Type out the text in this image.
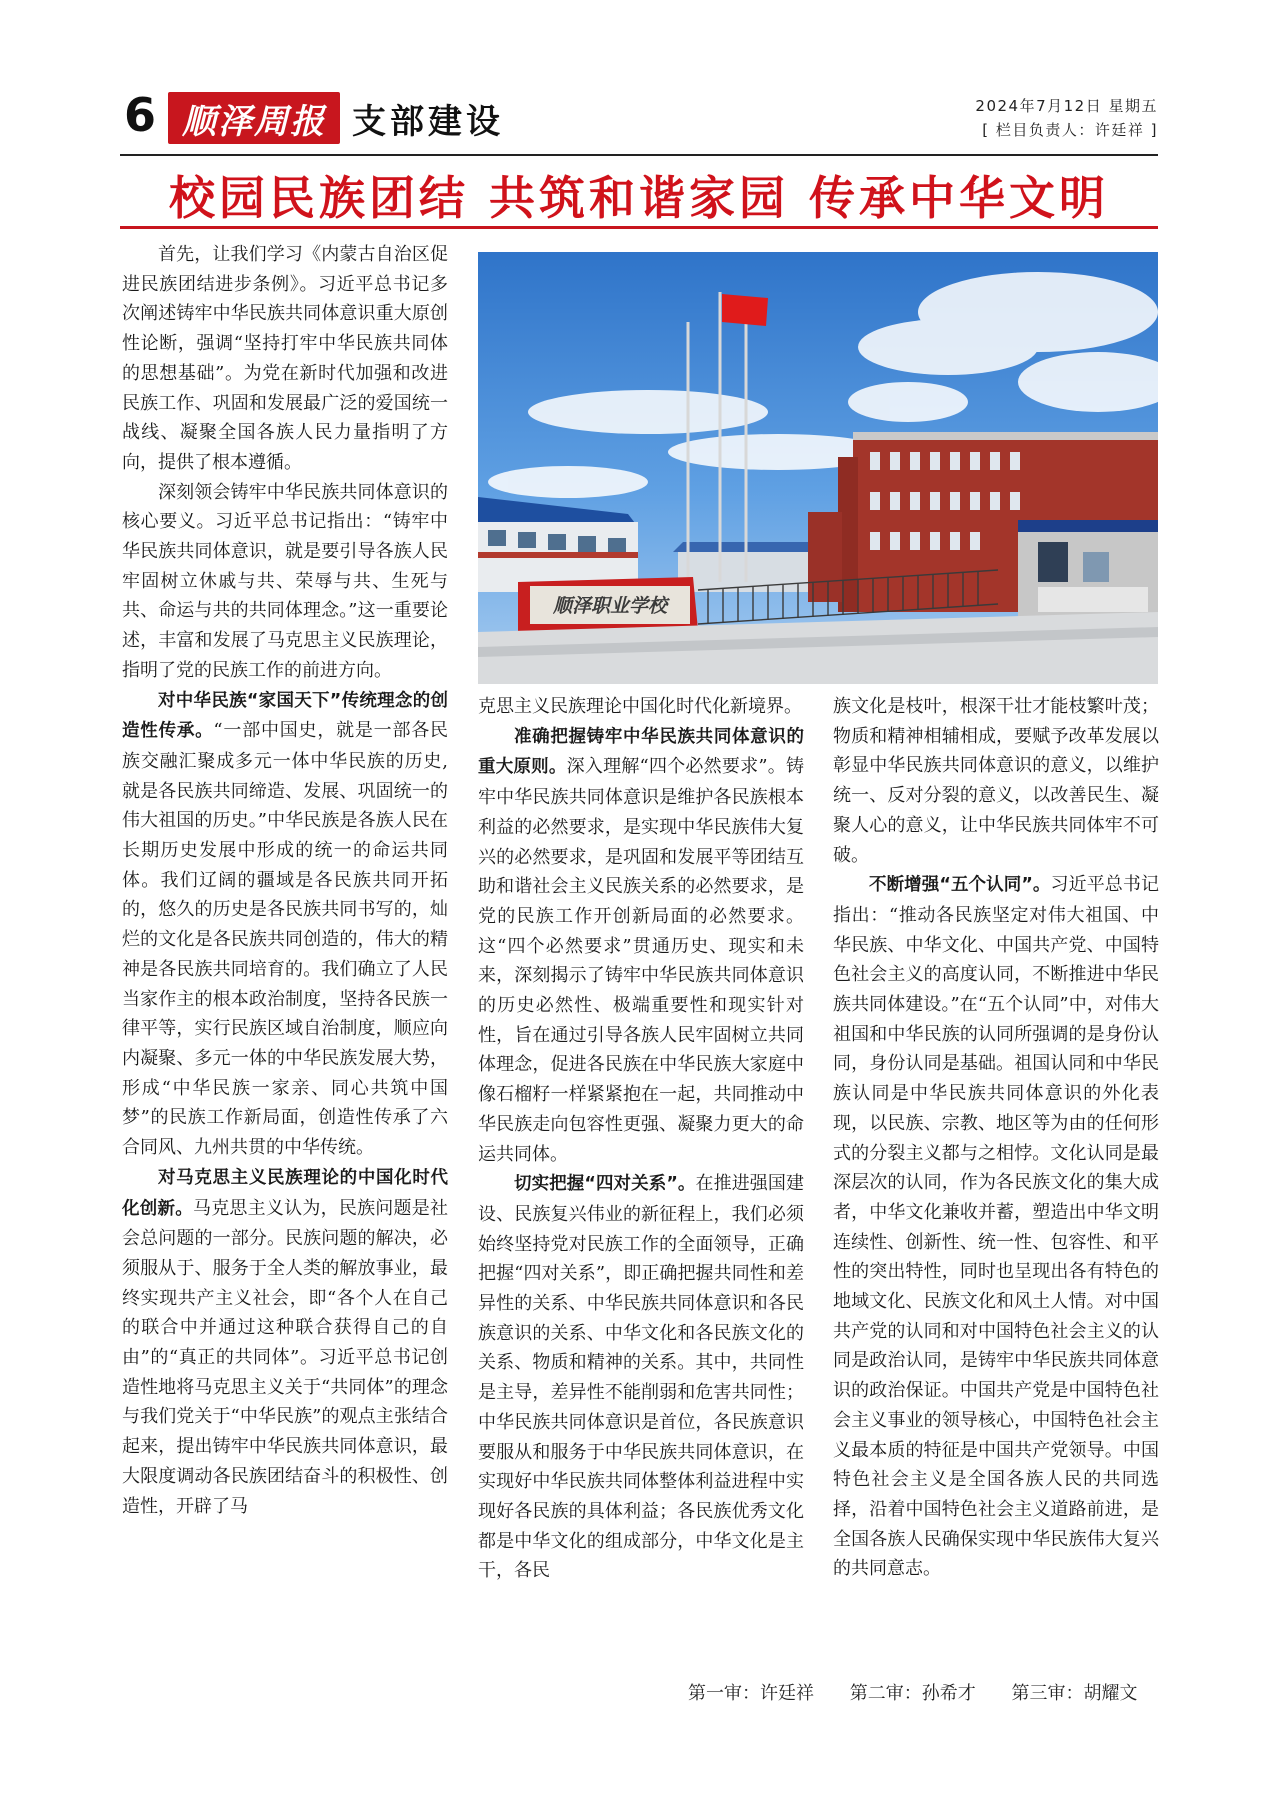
6 顺泽周报 支部建设	2024年7月12日 星期五
[ 栏目负责人：许廷祥 ]
校园民族团结 共筑和谐家园 传承中华文明

首先，让我们学习《内蒙古自治区促进民族团结进步条例》。习近平总书记多次阐述铸牢中华民族共同体意识重大原创性论断，强调“坚持打牢中华民族共同体的思想基础”。为党在新时代加强和改进民族工作、巩固和发展最广泛的爱国统一战线、凝聚全国各族人民力量指明了方向，提供了根本遵循。

深刻领会铸牢中华民族共同体意识的核心要义。习近平总书记指出：“铸牢中华民族共同体意识，就是要引导各族人民牢固树立休戚与共、荣辱与共、生死与共、命运与共的共同体理念。”这一重要论述，丰富和发展了马克思主义民族理论，指明了党的民族工作的前进方向。

对中华民族“家国天下”传统理念的创造性传承。“一部中国史，就是一部各民族交融汇聚成多元一体中华民族的历史,就是各民族共同缔造、发展、巩固统一的伟大祖国的历史。”中华民族是各族人民在长期历史发展中形成的统一的命运共同体。我们辽阔的疆域是各民族共同开拓的，悠久的历史是各民族共同书写的，灿烂的文化是各民族共同创造的，伟大的精神是各民族共同培育的。我们确立了人民当家作主的根本政治制度，坚持各民族一律平等，实行民族区域自治制度，顺应向内凝聚、多元一体的中华民族发展大势，形成“中华民族一家亲、同心共筑中国梦”的民族工作新局面，创造性传承了六合同风、九州共贯的中华传统。

对马克思主义民族理论的中国化时代化创新。马克思主义认为，民族问题是社会总问题的一部分。民族问题的解决，必须服从于、服务于全人类的解放事业，最终实现共产主义社会，即“各个人在自己的联合中并通过这种联合获得自己的自由”的“真正的共同体”。习近平总书记创造性地将马克思主义关于“共同体”的理念与我们党关于“中华民族”的观点主张结合起来，提出铸牢中华民族共同体意识，最大限度调动各民族团结奋斗的积极性、创造性，开辟了马

顺泽职业学校

克思主义民族理论中国化时代化新境界。

准确把握铸牢中华民族共同体意识的重大原则。深入理解“四个必然要求”。铸牢中华民族共同体意识是维护各民族根本利益的必然要求，是实现中华民族伟大复兴的必然要求，是巩固和发展平等团结互助和谐社会主义民族关系的必然要求，是党的民族工作开创新局面的必然要求。这“四个必然要求”贯通历史、现实和未来，深刻揭示了铸牢中华民族共同体意识的历史必然性、极端重要性和现实针对性，旨在通过引导各族人民牢固树立共同体理念，促进各民族在中华民族大家庭中像石榴籽一样紧紧抱在一起，共同推动中华民族走向包容性更强、凝聚力更大的命运共同体。

切实把握“四对关系”。在推进强国建设、民族复兴伟业的新征程上，我们必须始终坚持党对民族工作的全面领导，正确把握“四对关系”，即正确把握共同性和差异性的关系、中华民族共同体意识和各民族意识的关系、中华文化和各民族文化的关系、物质和精神的关系。其中，共同性是主导，差异性不能削弱和危害共同性；中华民族共同体意识是首位，各民族意识要服从和服务于中华民族共同体意识，在实现好中华民族共同体整体利益进程中实现好各民族的具体利益；各民族优秀文化都是中华文化的组成部分，中华文化是主干，各民

族文化是枝叶，根深干壮才能枝繁叶茂；物质和精神相辅相成，要赋予改革发展以彰显中华民族共同体意识的意义，以维护统一、反对分裂的意义，以改善民生、凝聚人心的意义，让中华民族共同体牢不可破。

不断增强“五个认同”。习近平总书记指出：“推动各民族坚定对伟大祖国、中华民族、中华文化、中国共产党、中国特色社会主义的高度认同，不断推进中华民族共同体建设。”在“五个认同”中，对伟大祖国和中华民族的认同所强调的是身份认同，身份认同是基础。祖国认同和中华民族认同是中华民族共同体意识的外化表现，以民族、宗教、地区等为由的任何形式的分裂主义都与之相悖。文化认同是最深层次的认同，作为各民族文化的集大成者，中华文化兼收并蓄，塑造出中华文明连续性、创新性、统一性、包容性、和平性的突出特性，同时也呈现出各有特色的地域文化、民族文化和风土人情。对中国共产党的认同和对中国特色社会主义的认同是政治认同，是铸牢中华民族共同体意识的政治保证。中国共产党是中国特色社会主义事业的领导核心，中国特色社会主义最本质的特征是中国共产党领导。中国特色社会主义是全国各族人民的共同选择，沿着中国特色社会主义道路前进，是全国各族人民确保实现中华民族伟大复兴的共同意志。

第一审：许廷祥 第二审：孙希才 第三审：胡耀文
